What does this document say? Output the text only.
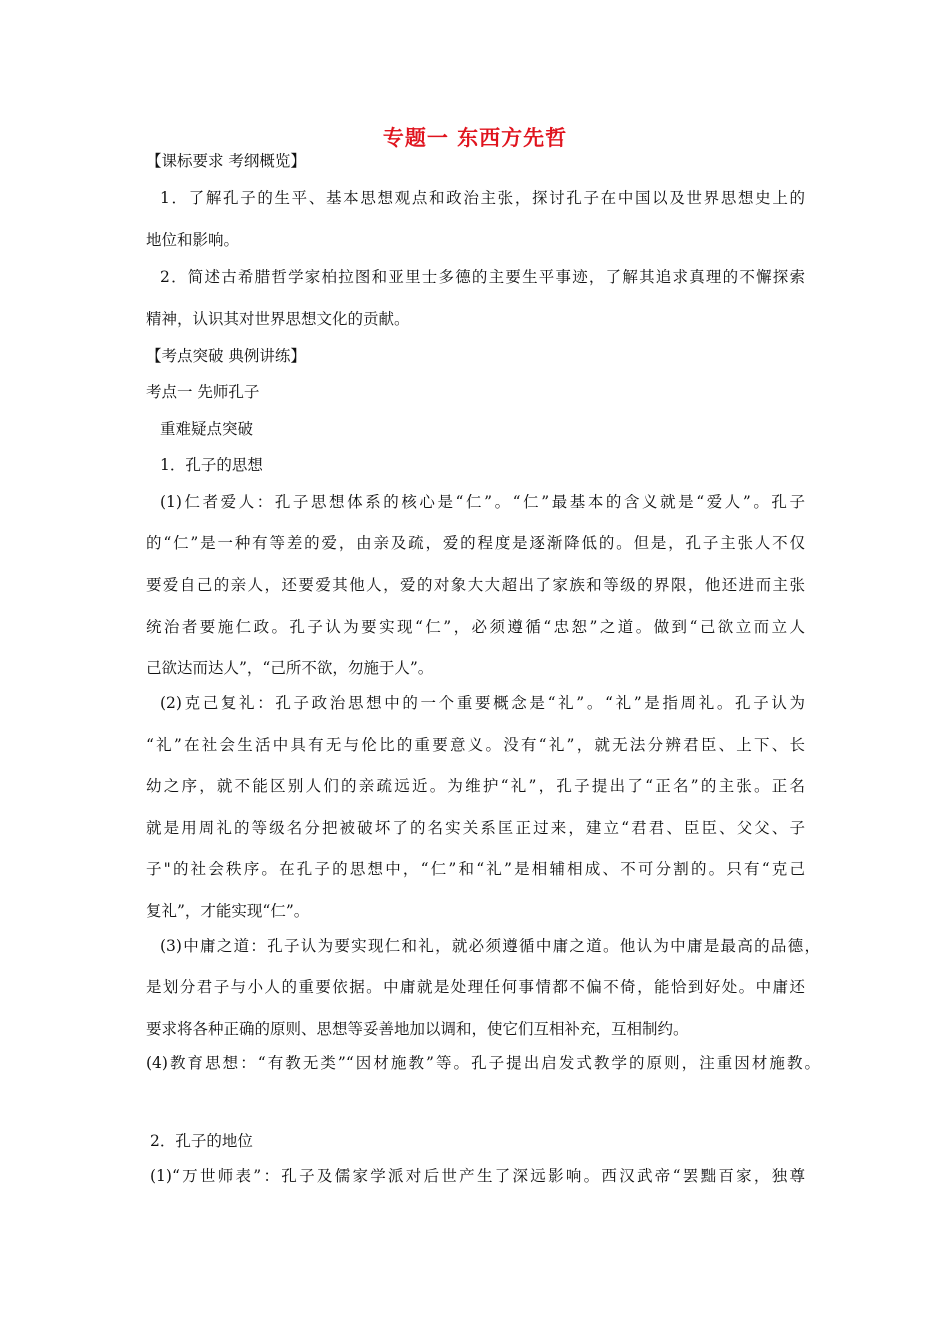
专题一 东西方先哲
【课标要求 考纲概览】
1．了解孔子的生平、基本思想观点和政治主张，探讨孔子在中国以及世界思想史上的
地位和影响。
2．简述古希腊哲学家柏拉图和亚里士多德的主要生平事迹，了解其追求真理的不懈探索
精神，认识其对世界思想文化的贡献。
【考点突破 典例讲练】
考点一 先师孔子
重难疑点突破
1．孔子的思想
(1)仁者爱人：孔子思想体系的核心是“仁”。“仁”最基本的含义就是“爱人”。孔子
的“仁”是一种有等差的爱，由亲及疏，爱的程度是逐渐降低的。但是，孔子主张人不仅
要爱自己的亲人，还要爱其他人，爱的对象大大超出了家族和等级的界限，他还进而主张
统治者要施仁政。孔子认为要实现“仁”，必须遵循“忠恕”之道。做到“己欲立而立人
己欲达而达人”，“己所不欲，勿施于人”。
(2)克己复礼：孔子政治思想中的一个重要概念是“礼”。“礼”是指周礼。孔子认为
“礼”在社会生活中具有无与伦比的重要意义。没有“礼”，就无法分辨君臣、上下、长
幼之序，就不能区别人们的亲疏远近。为维护“礼”，孔子提出了“正名”的主张。正名
就是用周礼的等级名分把被破坏了的名实关系匡正过来，建立“君君、臣臣、父父、子
子"的社会秩序。在孔子的思想中，“仁”和“礼”是相辅相成、不可分割的。只有“克己
复礼”，才能实现“仁”。
(3)中庸之道：孔子认为要实现仁和礼，就必须遵循中庸之道。他认为中庸是最高的品德，
是划分君子与小人的重要依据。中庸就是处理任何事情都不偏不倚，能恰到好处。中庸还
要求将各种正确的原则、思想等妥善地加以调和，使它们互相补充，互相制约。
(4)教育思想：“有教无类”“因材施教”等。孔子提出启发式教学的原则，注重因材施教。
2．孔子的地位
(1)“万世师表”：孔子及儒家学派对后世产生了深远影响。西汉武帝“罢黜百家，独尊
